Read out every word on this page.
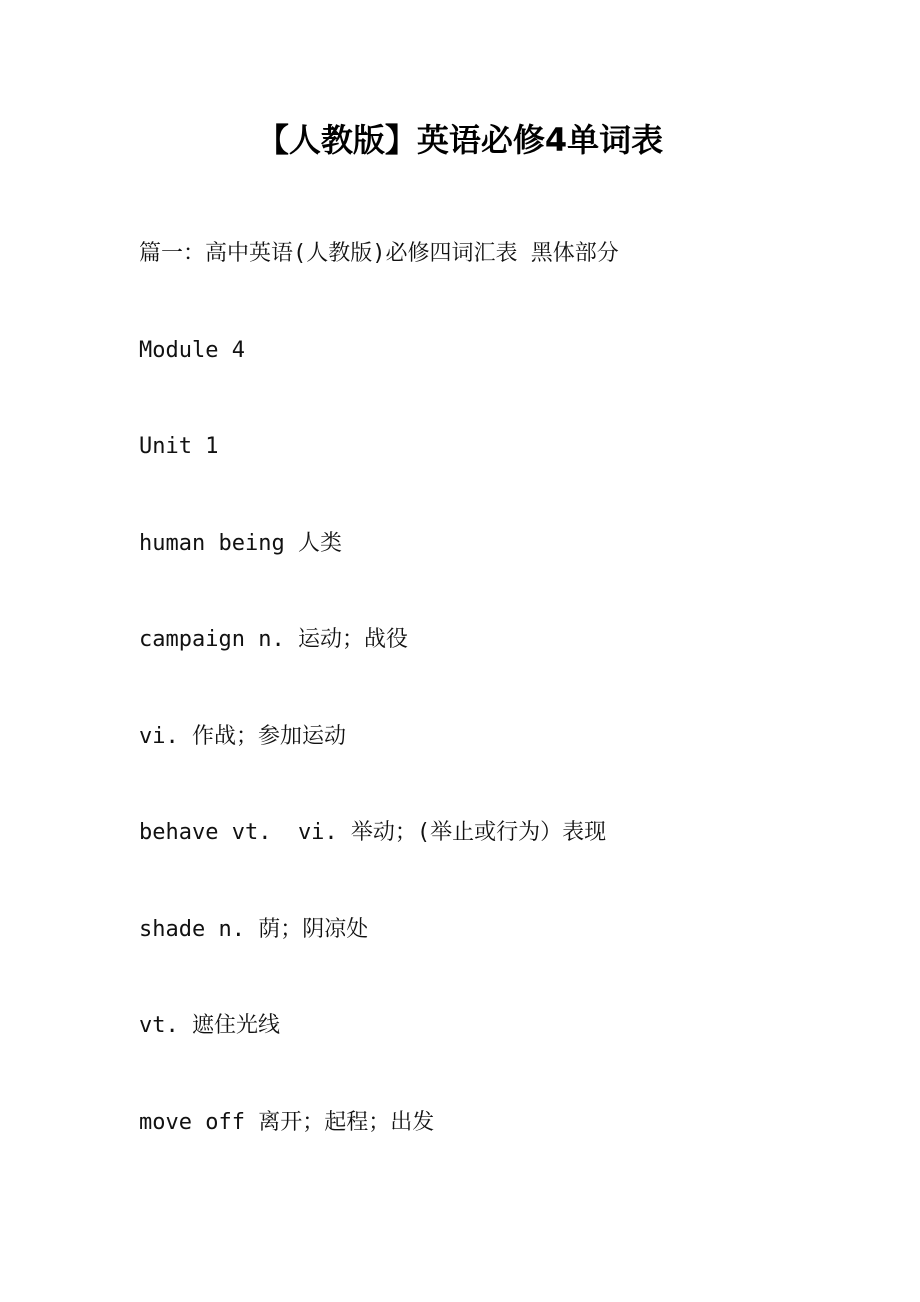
【人教版】英语必修4单词表
篇一：高中英语(人教版)必修四词汇表 黑体部分
Module 4
Unit 1
human being 人类
campaign n. 运动；战役
vi. 作战；参加运动
behave vt.  vi. 举动；(举止或行为）表现
shade n. 荫；阴凉处
vt. 遮住光线
move off 离开；起程；出发
